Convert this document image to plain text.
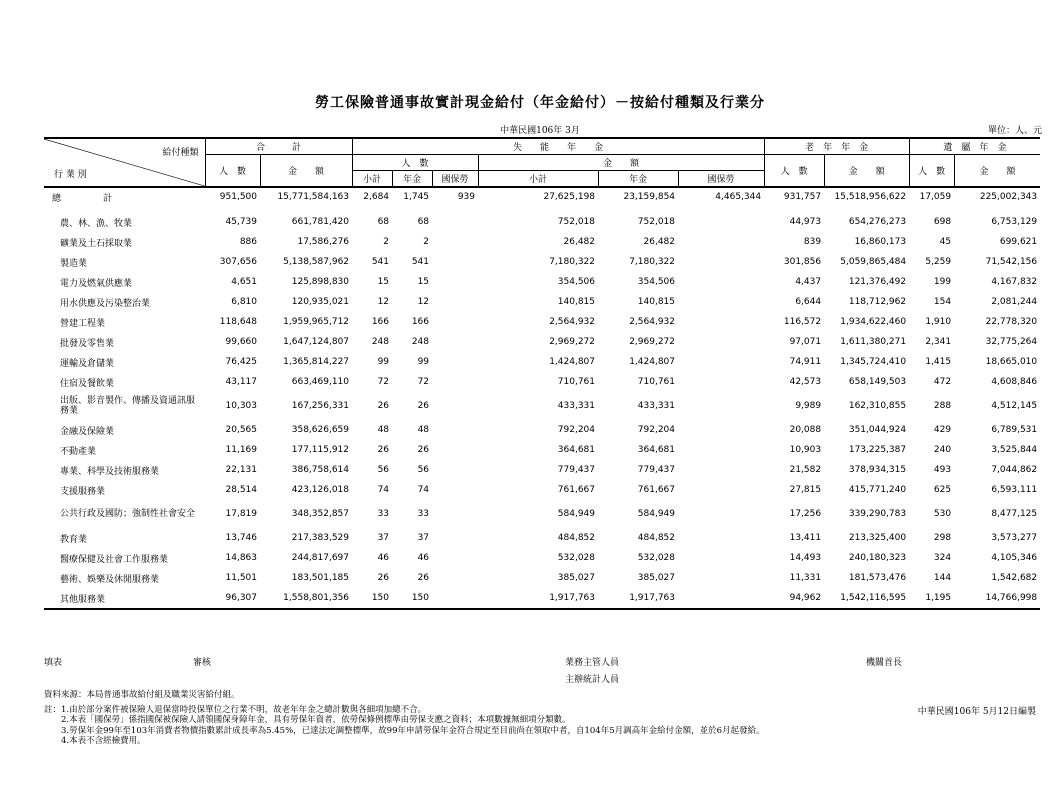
勞工保險普通事故實計現金給付（年金給付）－按給付種類及行業分
中華民國106年 3月	單位：人、元
給付種類
行 業 別	合　　　計		失　　能　　年　　金						老　年　年　金		遺　屬　年　金	
	人　數	金　　額	人　數			金　　額			人　數	金　　額	人　數	金　　額
			小計	年金	國保勞	小計	年金	國保勞				

總　　計	951,500	15,771,584,163	2,684	1,745	939	27,625,198	23,159,854	4,465,344	931,757	15,518,956,622	17,059	225,002,343

農、林、漁、牧業	45,739	661,781,420	68	68		752,018	752,018		44,973	654,276,273	698	6,753,129
礦業及土石採取業	886	17,586,276	2	2		26,482	26,482		839	16,860,173	45	699,621
製造業	307,656	5,138,587,962	541	541		7,180,322	7,180,322		301,856	5,059,865,484	5,259	71,542,156
電力及燃氣供應業	4,651	125,898,830	15	15		354,506	354,506		4,437	121,376,492	199	4,167,832
用水供應及污染整治業	6,810	120,935,021	12	12		140,815	140,815		6,644	118,712,962	154	2,081,244
營建工程業	118,648	1,959,965,712	166	166		2,564,932	2,564,932		116,572	1,934,622,460	1,910	22,778,320
批發及零售業	99,660	1,647,124,807	248	248		2,969,272	2,969,272		97,071	1,611,380,271	2,341	32,775,264
運輸及倉儲業	76,425	1,365,814,227	99	99		1,424,807	1,424,807		74,911	1,345,724,410	1,415	18,665,010
住宿及餐飲業	43,117	663,469,110	72	72		710,761	710,761		42,573	658,149,503	472	4,608,846
出版、影音製作、傳播及資通訊服務業	10,303	167,256,331	26	26		433,331	433,331		9,989	162,310,855	288	4,512,145
金融及保險業	20,565	358,626,659	48	48		792,204	792,204		20,088	351,044,924	429	6,789,531
不動產業	11,169	177,115,912	26	26		364,681	364,681		10,903	173,225,387	240	3,525,844
專業、科學及技術服務業	22,131	386,758,614	56	56		779,437	779,437		21,582	378,934,315	493	7,044,862
支援服務業	28,514	423,126,018	74	74		761,667	761,667		27,815	415,771,240	625	6,593,111
公共行政及國防；強制性社會安全	17,819	348,352,857	33	33		584,949	584,949		17,256	339,290,783	530	8,477,125
教育業	13,746	217,383,529	37	37		484,852	484,852		13,411	213,325,400	298	3,573,277
醫療保健及社會工作服務業	14,863	244,817,697	46	46		532,028	532,028		14,493	240,180,323	324	4,105,346
藝術、娛樂及休閒服務業	11,501	183,501,185	26	26		385,027	385,027		11,331	181,573,476	144	1,542,682
其他服務業	96,307	1,558,801,356	150	150		1,917,763	1,917,763		94,962	1,542,116,595	1,195	14,766,998
填表	審核	業務主管人員
主辦統計人員
機關首長
中華民國106年 5月12日編製
資料來源：本局普通事故給付組及職業災害給付組。
註：1.由於部分案件被保險人退保當時投保單位之行業不明，故老年年金之總計數與各細項加總不合。
　　2.本表「國保勞」係指國保被保險人請領國保身障年金，具有勞保年資者，依勞保條例標準由勞保支應之資料；本項數據無細項分類數。
　　3.勞保年金99年至103年消費者物價指數累計成長率為5.45%，已達法定調整標準，故99年申請勞保年金符合規定至目前尚在領取中者，自104年5月調高年金給付金額，並於6月起發給。
　　4.本表不含經檢費用。
